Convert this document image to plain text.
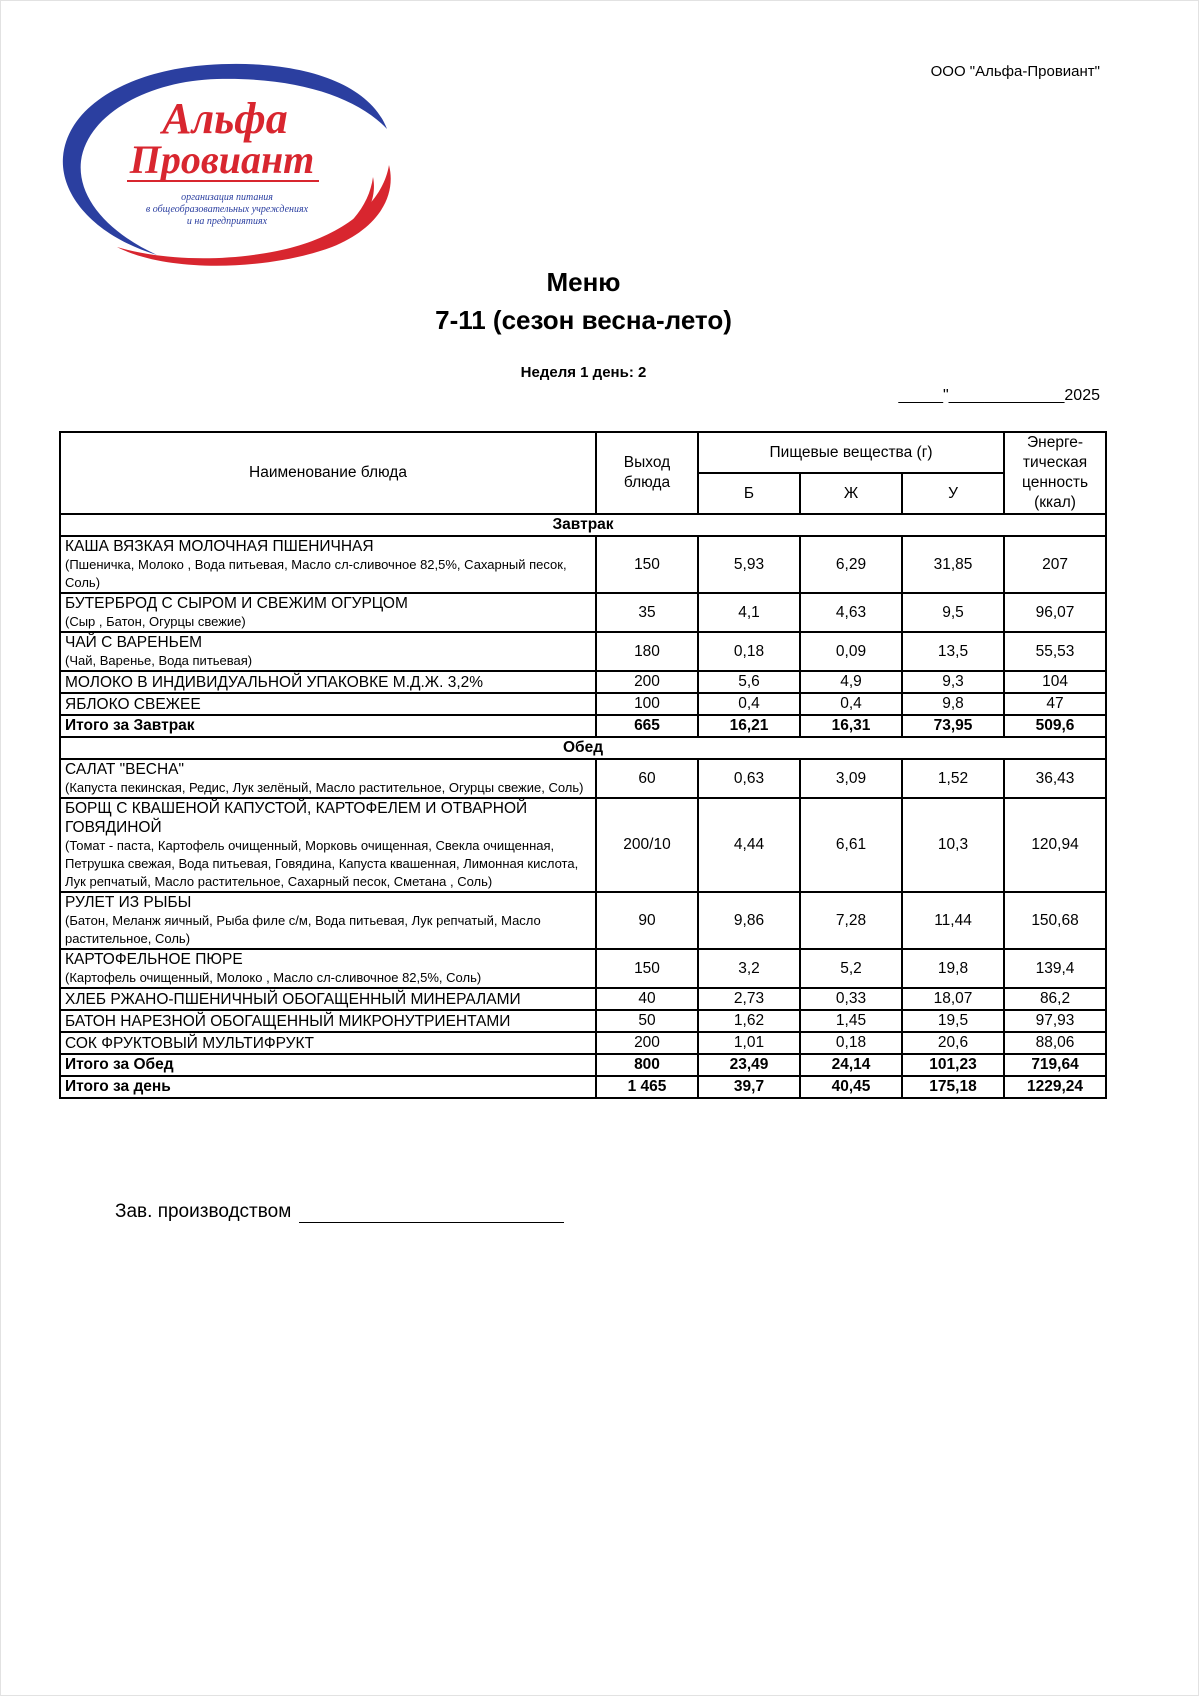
Альфа
Провиант
организация питания
в общеобразовательных учреждениях
и на предприятиях
ООО "Альфа-Провиант"
Меню
7-11 (сезон весна-лето)
Неделя 1 день: 2
_____"_____________2025
Наименование блюда	Выход блюда	Пищевые вещества (г)			Энерге-тическая ценность (ккал)
		Б	Ж	У	
Завтрак					

КАША ВЯЗКАЯ МОЛОЧНАЯ ПШЕНИЧНАЯ
(Пшеничка, Молоко , Вода питьевая, Масло сл-сливочное 82,5%, Сахарный песок, Соль)	150	5,93	6,29	31,85	207

БУТЕРБРОД С СЫРОМ И СВЕЖИМ ОГУРЦОМ
(Сыр , Батон, Огурцы свежие)	35	4,1	4,63	9,5	96,07

ЧАЙ С ВАРЕНЬЕМ
(Чай, Варенье, Вода питьевая)	180	0,18	0,09	13,5	55,53

МОЛОКО В ИНДИВИДУАЛЬНОЙ УПАКОВКЕ М.Д.Ж. 3,2%	200	5,6	4,9	9,3	104

ЯБЛОКО СВЕЖЕЕ	100	0,4	0,4	9,8	47
Итого за Завтрак	665	16,21	16,31	73,95	509,6
Обед					

САЛАТ "ВЕСНА"
(Капуста пекинская, Редис, Лук зелёный, Масло растительное, Огурцы свежие, Соль)	60	0,63	3,09	1,52	36,43

БОРЩ С КВАШЕНОЙ КАПУСТОЙ, КАРТОФЕЛЕМ И ОТВАРНОЙ ГОВЯДИНОЙ
(Томат - паста, Картофель очищенный, Морковь очищенная, Свекла очищенная, Петрушка свежая, Вода питьевая, Говядина, Капуста квашенная, Лимонная кислота, Лук репчатый, Масло растительное, Сахарный песок, Сметана , Соль)	200/10	4,44	6,61	10,3	120,94

РУЛЕТ ИЗ РЫБЫ
(Батон, Меланж яичный, Рыба филе с/м, Вода питьевая, Лук репчатый, Масло растительное, Соль)	90	9,86	7,28	11,44	150,68

КАРТОФЕЛЬНОЕ ПЮРЕ
(Картофель очищенный, Молоко , Масло сл-сливочное 82,5%, Соль)	150	3,2	5,2	19,8	139,4

ХЛЕБ РЖАНО-ПШЕНИЧНЫЙ ОБОГАЩЕННЫЙ МИНЕРАЛАМИ	40	2,73	0,33	18,07	86,2

БАТОН НАРЕЗНОЙ ОБОГАЩЕННЫЙ МИКРОНУТРИЕНТАМИ	50	1,62	1,45	19,5	97,93

СОК ФРУКТОВЫЙ МУЛЬТИФРУКТ	200	1,01	0,18	20,6	88,06
Итого за Обед	800	23,49	24,14	101,23	719,64
Итого за день	1 465	39,7	40,45	175,18	1229,24
Зав. производством
